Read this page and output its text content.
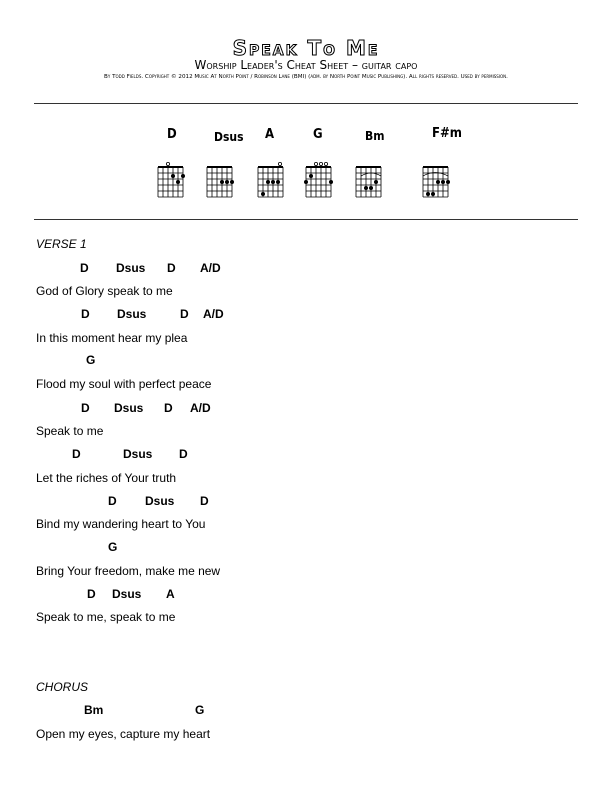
Speak To Me
Worship Leader's Cheat Sheet – guitar capo
By Todd Fields. Copyright © 2012 Music At North Point / Robinson Lane (BMI) (adm. by North Point Music Publishing). All rights reserved. Used by permission.
D	Dsus A	G	Bm	F#m
VERSE 1
D Dsus D A/D
God of Glory speak to me
D Dsus	D A/D
In this moment hear my plea
G
Flood my soul with perfect peace
D Dsus D A/D
Speak to me
D	Dsus D
Let the riches of Your truth
D Dsus D
Bind my wandering heart to You
G
Bring Your freedom, make me new
D Dsus A
Speak to me, speak to me
CHORUS
Bm	G
Open my eyes, capture my heart
